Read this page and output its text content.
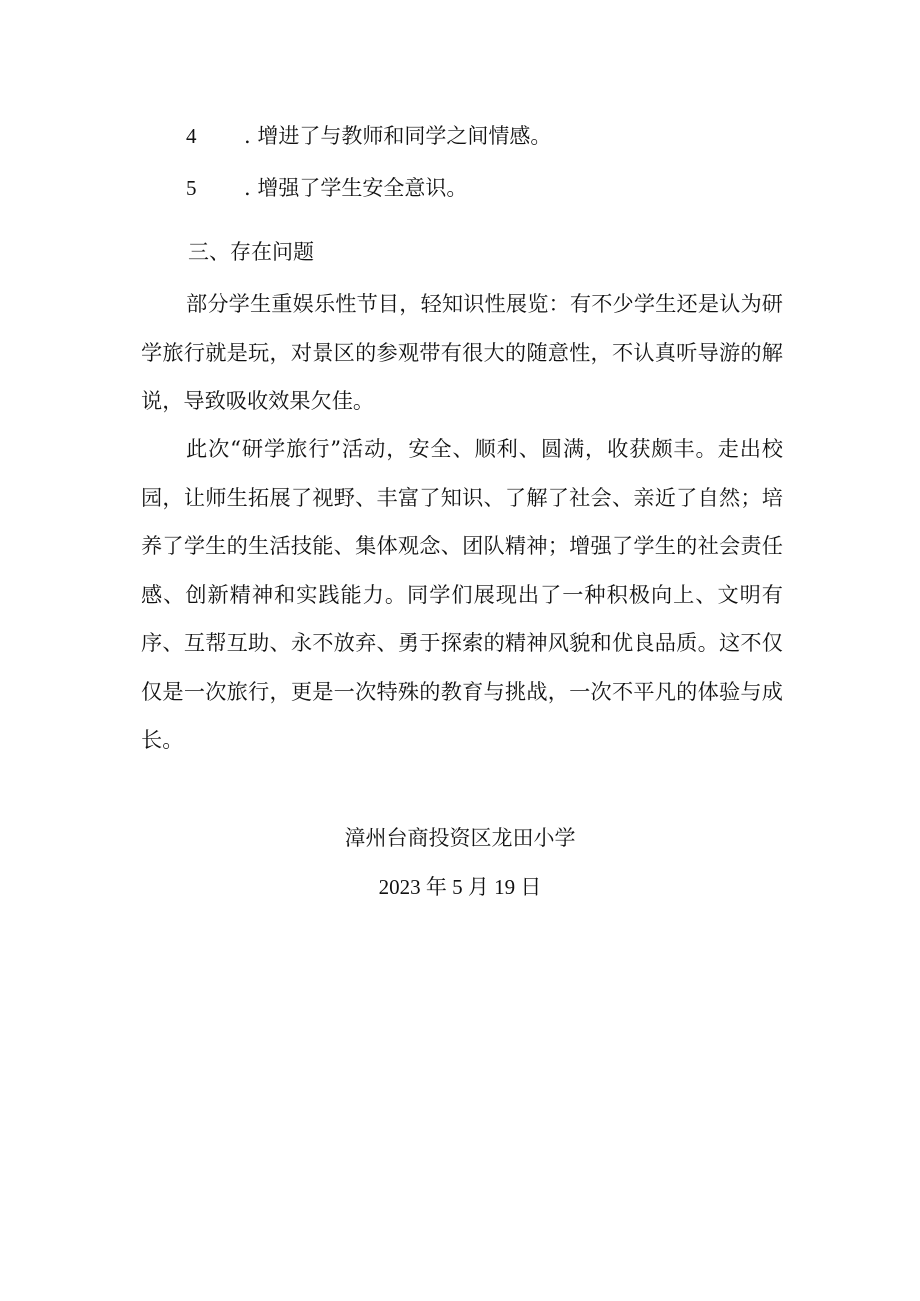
4 . 增进了与教师和同学之间情感。
5 . 增强了学生安全意识。
三、存在问题

部分学生重娱乐性节目，轻知识性展览：有不少学生还是认为研学旅行就是玩，对景区的参观带有很大的随意性，不认真听导游的解说，导致吸收效果欠佳。

此次“研学旅行”活动，安全、顺利、圆满，收获颇丰。走出校园，让师生拓展了视野、丰富了知识、了解了社会、亲近了自然；培养了学生的生活技能、集体观念、团队精神；增强了学生的社会责任感、创新精神和实践能力。同学们展现出了一种积极向上、文明有序、互帮互助、永不放弃、勇于探索的精神风貌和优良品质。这不仅仅是一次旅行，更是一次特殊的教育与挑战，一次不平凡的体验与成长。

漳州台商投资区龙田小学
2023 年 5 月 19 日
